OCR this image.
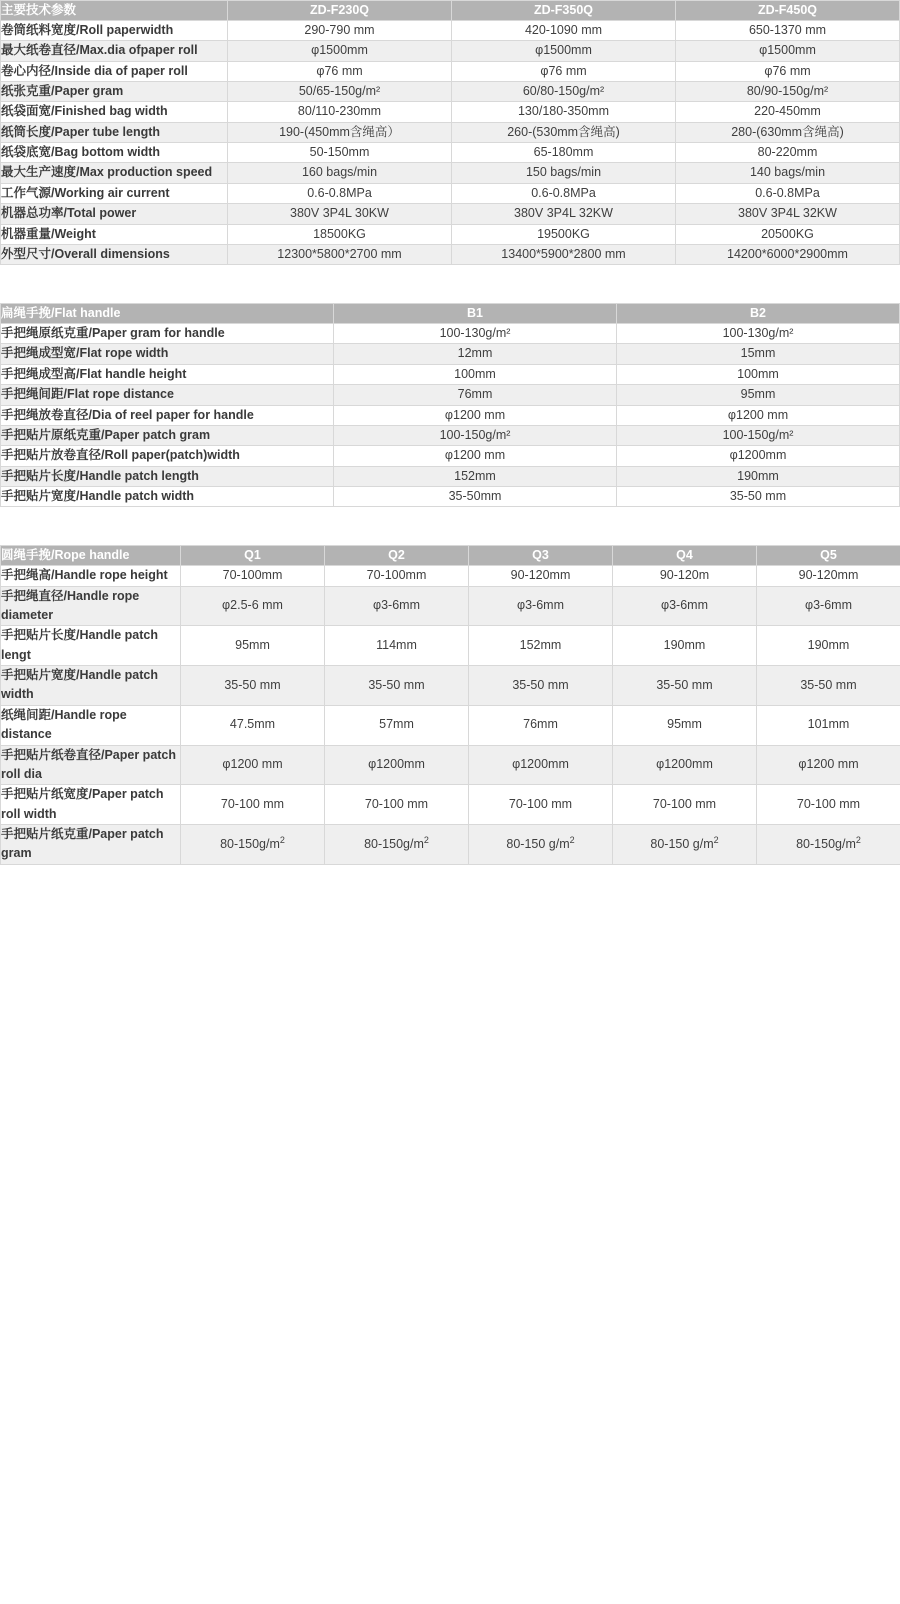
主要技术参数	ZD-F230Q	ZD-F350Q	ZD-F450Q
卷筒纸料宽度/Roll paperwidth	290-790 mm	420-1090 mm	650-1370 mm
最大纸卷直径/Max.dia ofpaper roll	φ1500mm	φ1500mm	φ1500mm
卷心内径/Inside dia of paper roll	φ76 mm	φ76 mm	φ76 mm
纸张克重/Paper gram	50/65-150g/m²	60/80-150g/m²	80/90-150g/m²
纸袋面宽/Finished bag width	80/110-230mm	130/180-350mm	220-450mm
纸筒长度/Paper tube length	190-(450mm含绳高）	260-(530mm含绳高)	280-(630mm含绳高)
纸袋底宽/Bag bottom width	50-150mm	65-180mm	80-220mm
最大生产速度/Max production speed	160 bags/min	150 bags/min	140 bags/min
工作气源/Working air current	0.6-0.8MPa	0.6-0.8MPa	0.6-0.8MPa
机器总功率/Total power	380V 3P4L 30KW	380V 3P4L 32KW	380V 3P4L 32KW
机器重量/Weight	18500KG	19500KG	20500KG
外型尺寸/Overall dimensions	12300*5800*2700 mm	13400*5900*2800 mm	14200*6000*2900mm
扁绳手挽/Flat handle	B1	B2
手把绳原纸克重/Paper gram for handle	100-130g/m²	100-130g/m²
手把绳成型宽/Flat rope width	12mm	15mm
手把绳成型高/Flat handle height	100mm	100mm
手把绳间距/Flat rope distance	76mm	95mm
手把绳放卷直径/Dia of reel paper for handle	φ1200 mm	φ1200 mm
手把贴片原纸克重/Paper patch gram	100-150g/m²	100-150g/m²
手把贴片放卷直径/Roll paper(patch)width	φ1200 mm	φ1200mm
手把贴片长度/Handle patch length	152mm	190mm
手把贴片宽度/Handle patch width	35-50mm	35-50 mm
圆绳手挽/Rope handle	Q1	Q2	Q3	Q4	Q5
手把绳高/Handle rope height	70-100mm	70-100mm	90-120mm	90-120m	90-120mm
手把绳直径/Handle rope diameter	φ2.5-6 mm	φ3-6mm	φ3-6mm	φ3-6mm	φ3-6mm
手把贴片长度/Handle patch lengt	95mm	114mm	152mm	190mm	190mm
手把贴片宽度/Handle patch width	35-50 mm	35-50 mm	35-50 mm	35-50 mm	35-50 mm
纸绳间距/Handle rope distance	47.5mm	57mm	76mm	95mm	101mm
手把贴片纸卷直径/Paper patch roll dia	φ1200 mm	φ1200mm	φ1200mm	φ1200mm	φ1200 mm
手把贴片纸宽度/Paper patch roll width	70-100 mm	70-100 mm	70-100 mm	70-100 mm	70-100 mm
手把贴片纸克重/Paper patch gram	$80-150g/m^2$	$80-150g/m^2$	80-150 $g/m^2$	80-150 $g/m^2$	$80-150g/m^2$
